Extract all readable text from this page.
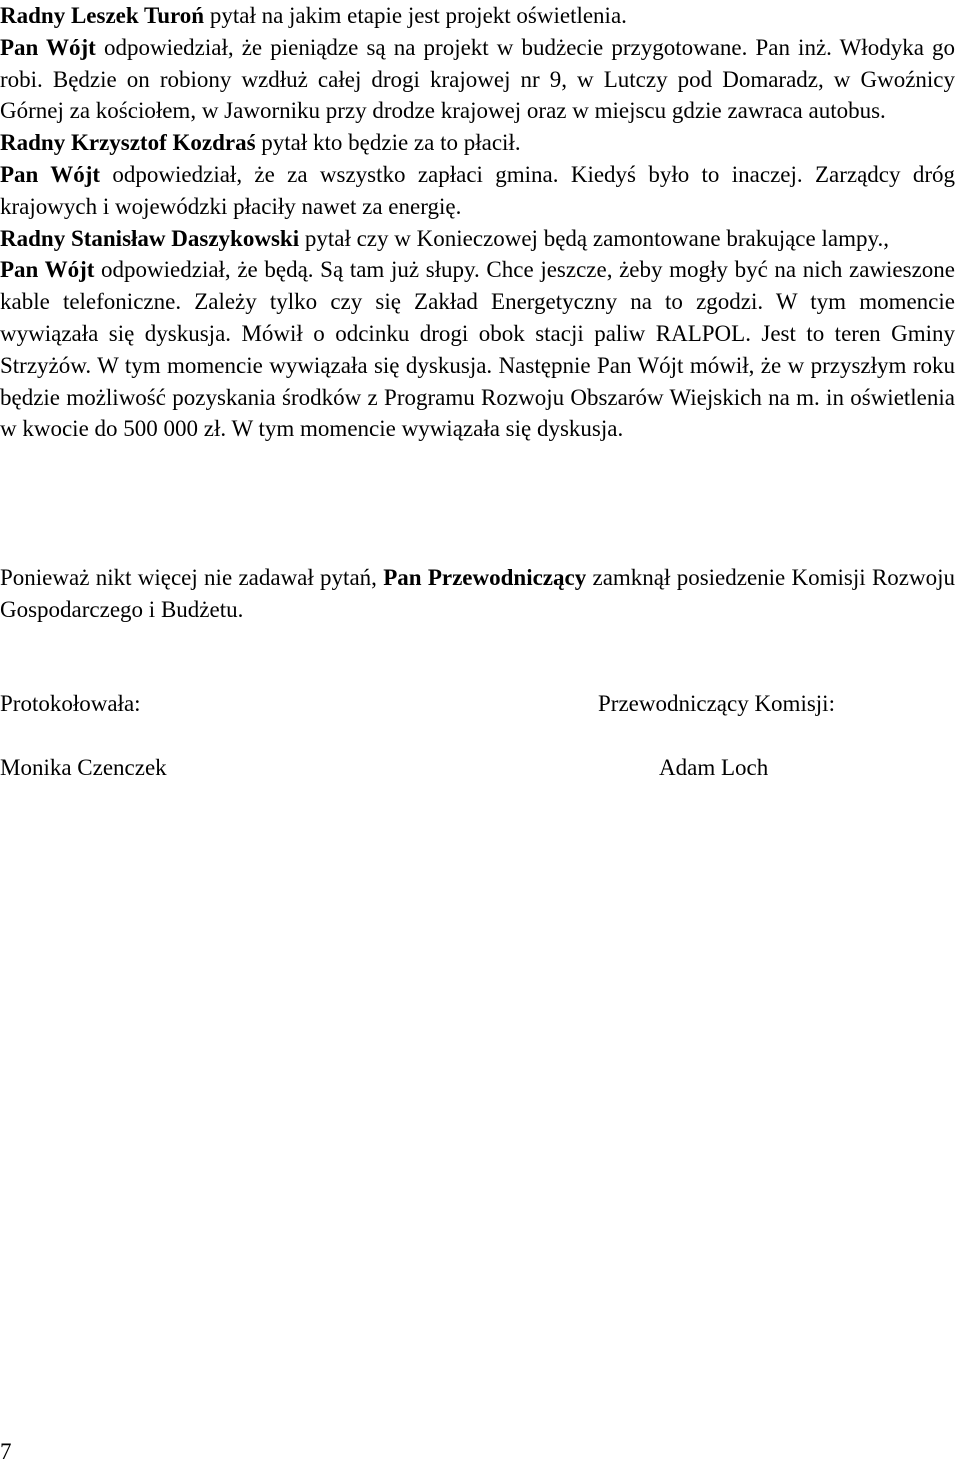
Radny Leszek Turoń pytał na jakim etapie jest projekt oświetlenia.

Pan Wójt odpowiedział, że pieniądze są na projekt w budżecie przygotowane. Pan inż. Włodyka go robi. Będzie on robiony wzdłuż całej drogi krajowej nr 9, w Lutczy pod Domaradz, w Gwoźnicy Górnej za kościołem, w Jaworniku przy drodze krajowej oraz w miejscu gdzie zawraca autobus.

Radny Krzysztof Kozdraś pytał kto będzie za to płacił.

Pan Wójt odpowiedział, że za wszystko zapłaci gmina. Kiedyś było to inaczej. Zarządcy dróg krajowych i wojewódzki płaciły nawet za energię.

Radny Stanisław Daszykowski pytał czy w Konieczowej będą zamontowane brakujące lampy.,

Pan Wójt odpowiedział, że będą. Są tam już słupy. Chce jeszcze, żeby mogły być na nich zawieszone kable telefoniczne. Zależy tylko czy się Zakład Energetyczny na to zgodzi. W tym momencie wywiązała się dyskusja. Mówił o odcinku drogi obok stacji paliw RALPOL. Jest to teren Gminy Strzyżów. W tym momencie wywiązała się dyskusja. Następnie Pan Wójt mówił, że w przyszłym roku będzie możliwość pozyskania środków z Programu Rozwoju Obszarów Wiejskich na m. in oświetlenia w kwocie do 500 000 zł. W tym momencie wywiązała się dyskusja.

Ponieważ nikt więcej nie zadawał pytań, Pan Przewodniczący zamknął posiedzenie Komisji Rozwoju Gospodarczego i Budżetu.

Protokołowała:
Monika Czenczek
Przewodniczący Komisji:
Adam Loch
7
